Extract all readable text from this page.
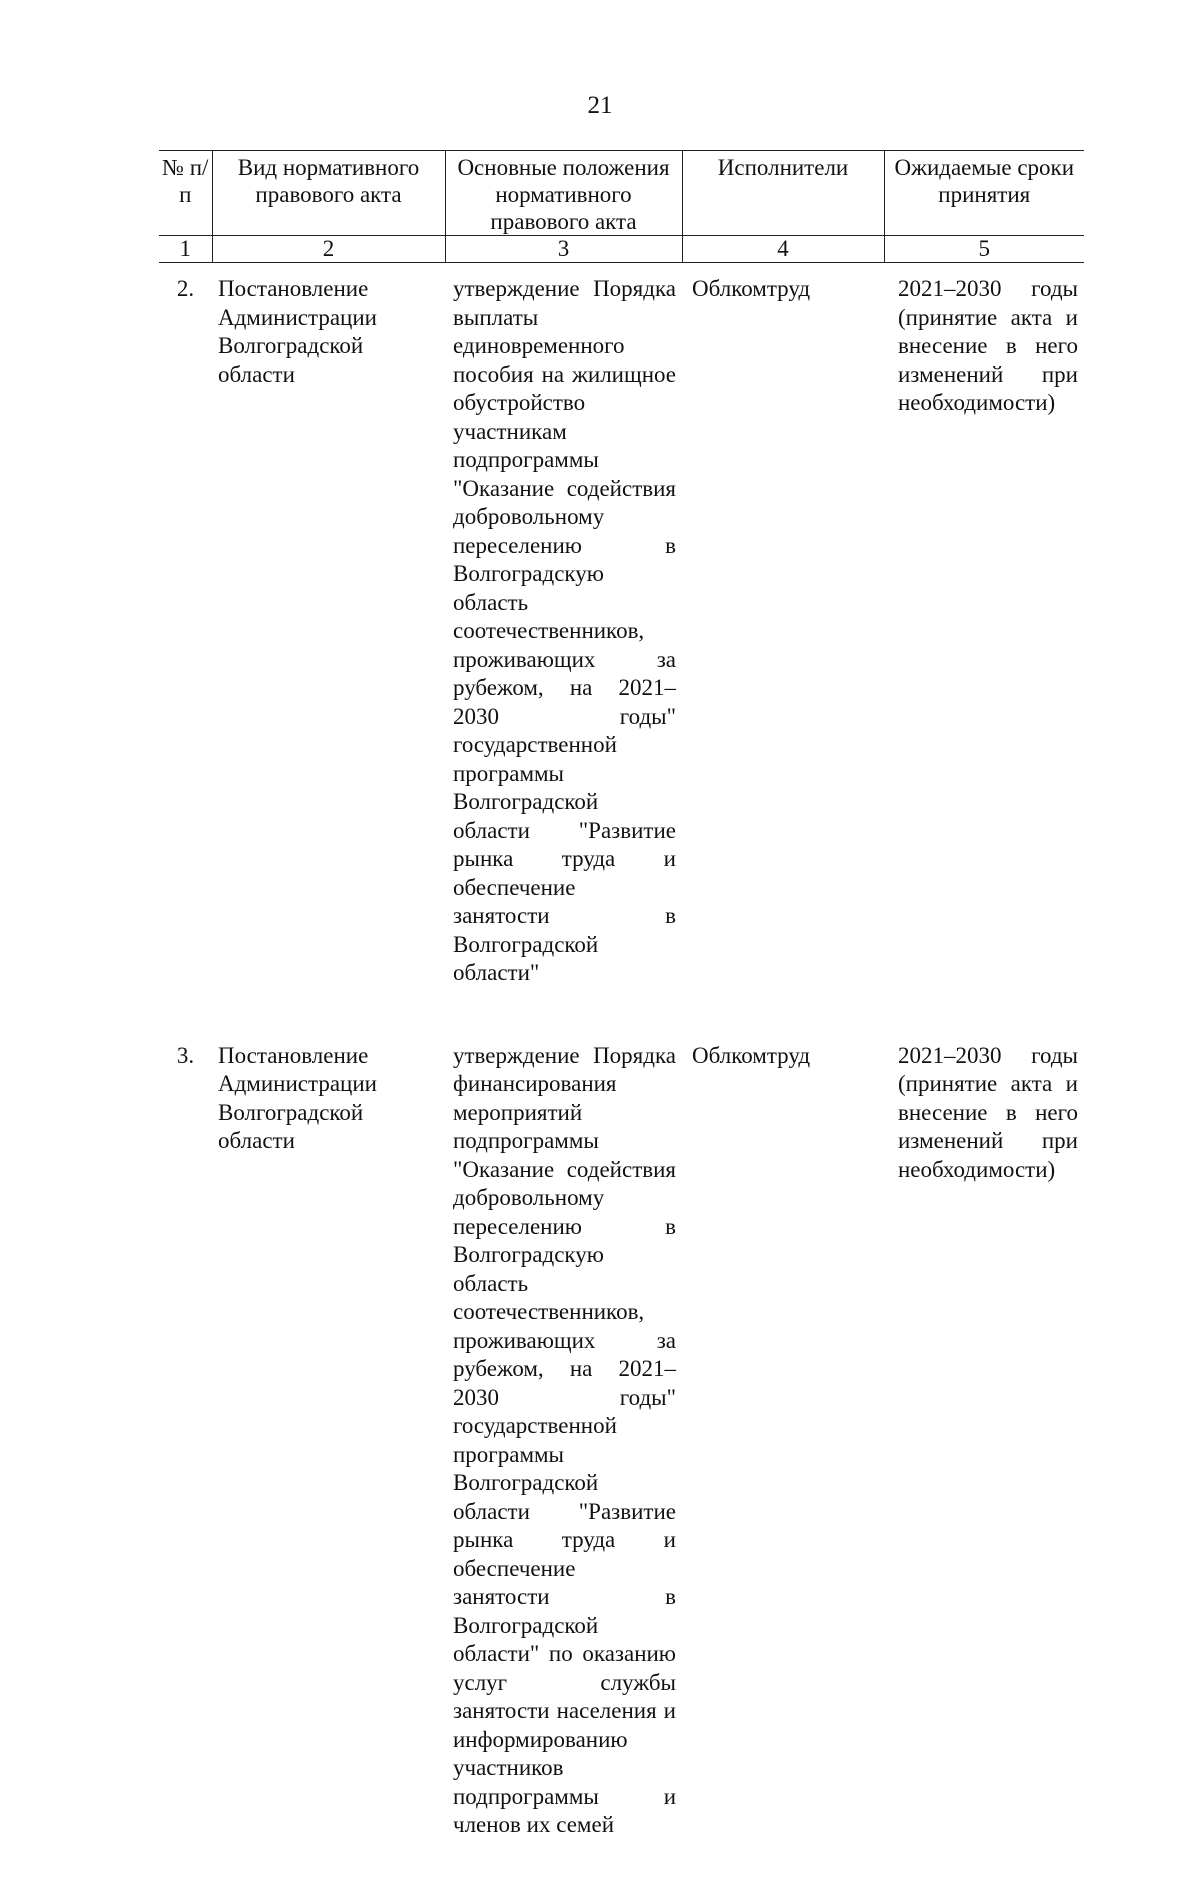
21
№ п/п	Вид нормативного правового акта	Основные положения нормативного правового акта	Исполнители	Ожидаемые сроки принятия
1	2	3	4	5
2.	Постановление Администрации Волгоградской области	утверждение Порядка выплаты единовременного пособия на жилищное обустройство участникам подпрограммы "Оказание содействия добровольному переселению в Волгоградскую область соотечественников, проживающих за рубежом, на 2021–2030 годы" государственной программы Волгоградской области "Развитие рынка труда и обеспечение занятости в Волгоградской области"	Облкомтруд	2021–2030 годы (принятие акта и внесение в него изменений при необходимости)
3.	Постановление Администрации Волгоградской области	утверждение Порядка финансирования мероприятий подпрограммы "Оказание содействия добровольному переселению в Волгоградскую область соотечественников, проживающих за рубежом, на 2021–2030 годы" государственной программы Волгоградской области "Развитие рынка труда и обеспечение занятости в Волгоградской области" по оказанию услуг службы занятости населения и информированию участников подпрограммы и членов их семей	Облкомтруд	2021–2030 годы (принятие акта и внесение в него изменений при необходимости)
